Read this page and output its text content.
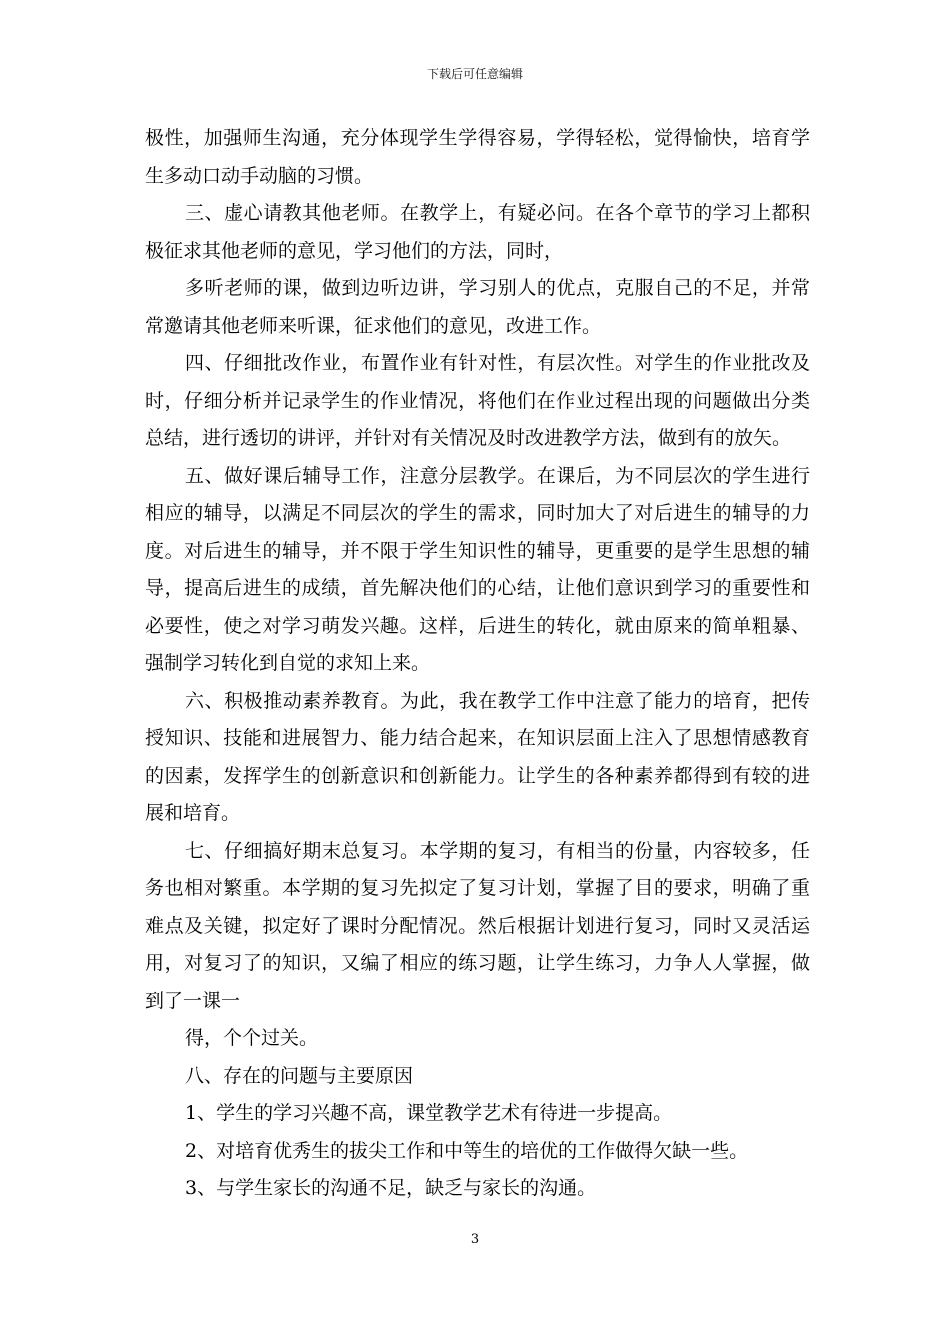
下载后可任意编辑
极性，加强师生沟通，充分体现学生学得容易，学得轻松，觉得愉快，培育学
生多动口动手动脑的习惯。
三、虚心请教其他老师。在教学上，有疑必问。在各个章节的学习上都积
极征求其他老师的意见，学习他们的方法，同时，
多听老师的课，做到边听边讲，学习别人的优点，克服自己的不足，并常
常邀请其他老师来听课，征求他们的意见，改进工作。
四、仔细批改作业，布置作业有针对性，有层次性。对学生的作业批改及
时，仔细分析并记录学生的作业情况，将他们在作业过程出现的问题做出分类
总结，进行透切的讲评，并针对有关情况及时改进教学方法，做到有的放矢。
五、做好课后辅导工作，注意分层教学。在课后，为不同层次的学生进行
相应的辅导，以满足不同层次的学生的需求，同时加大了对后进生的辅导的力
度。对后进生的辅导，并不限于学生知识性的辅导，更重要的是学生思想的辅
导，提高后进生的成绩，首先解决他们的心结，让他们意识到学习的重要性和
必要性，使之对学习萌发兴趣。这样，后进生的转化，就由原来的简单粗暴、
强制学习转化到自觉的求知上来。
六、积极推动素养教育。为此，我在教学工作中注意了能力的培育，把传
授知识、技能和进展智力、能力结合起来，在知识层面上注入了思想情感教育
的因素，发挥学生的创新意识和创新能力。让学生的各种素养都得到有较的进
展和培育。
七、仔细搞好期末总复习。本学期的复习，有相当的份量，内容较多，任
务也相对繁重。本学期的复习先拟定了复习计划，掌握了目的要求，明确了重
难点及关键，拟定好了课时分配情况。然后根据计划进行复习，同时又灵活运
用，对复习了的知识，又编了相应的练习题，让学生练习，力争人人掌握，做
到了一课一
得，个个过关。
八、存在的问题与主要原因
1、学生的学习兴趣不高，课堂教学艺术有待进一步提高。
2、对培育优秀生的拔尖工作和中等生的培优的工作做得欠缺一些。
3、与学生家长的沟通不足，缺乏与家长的沟通。
3
